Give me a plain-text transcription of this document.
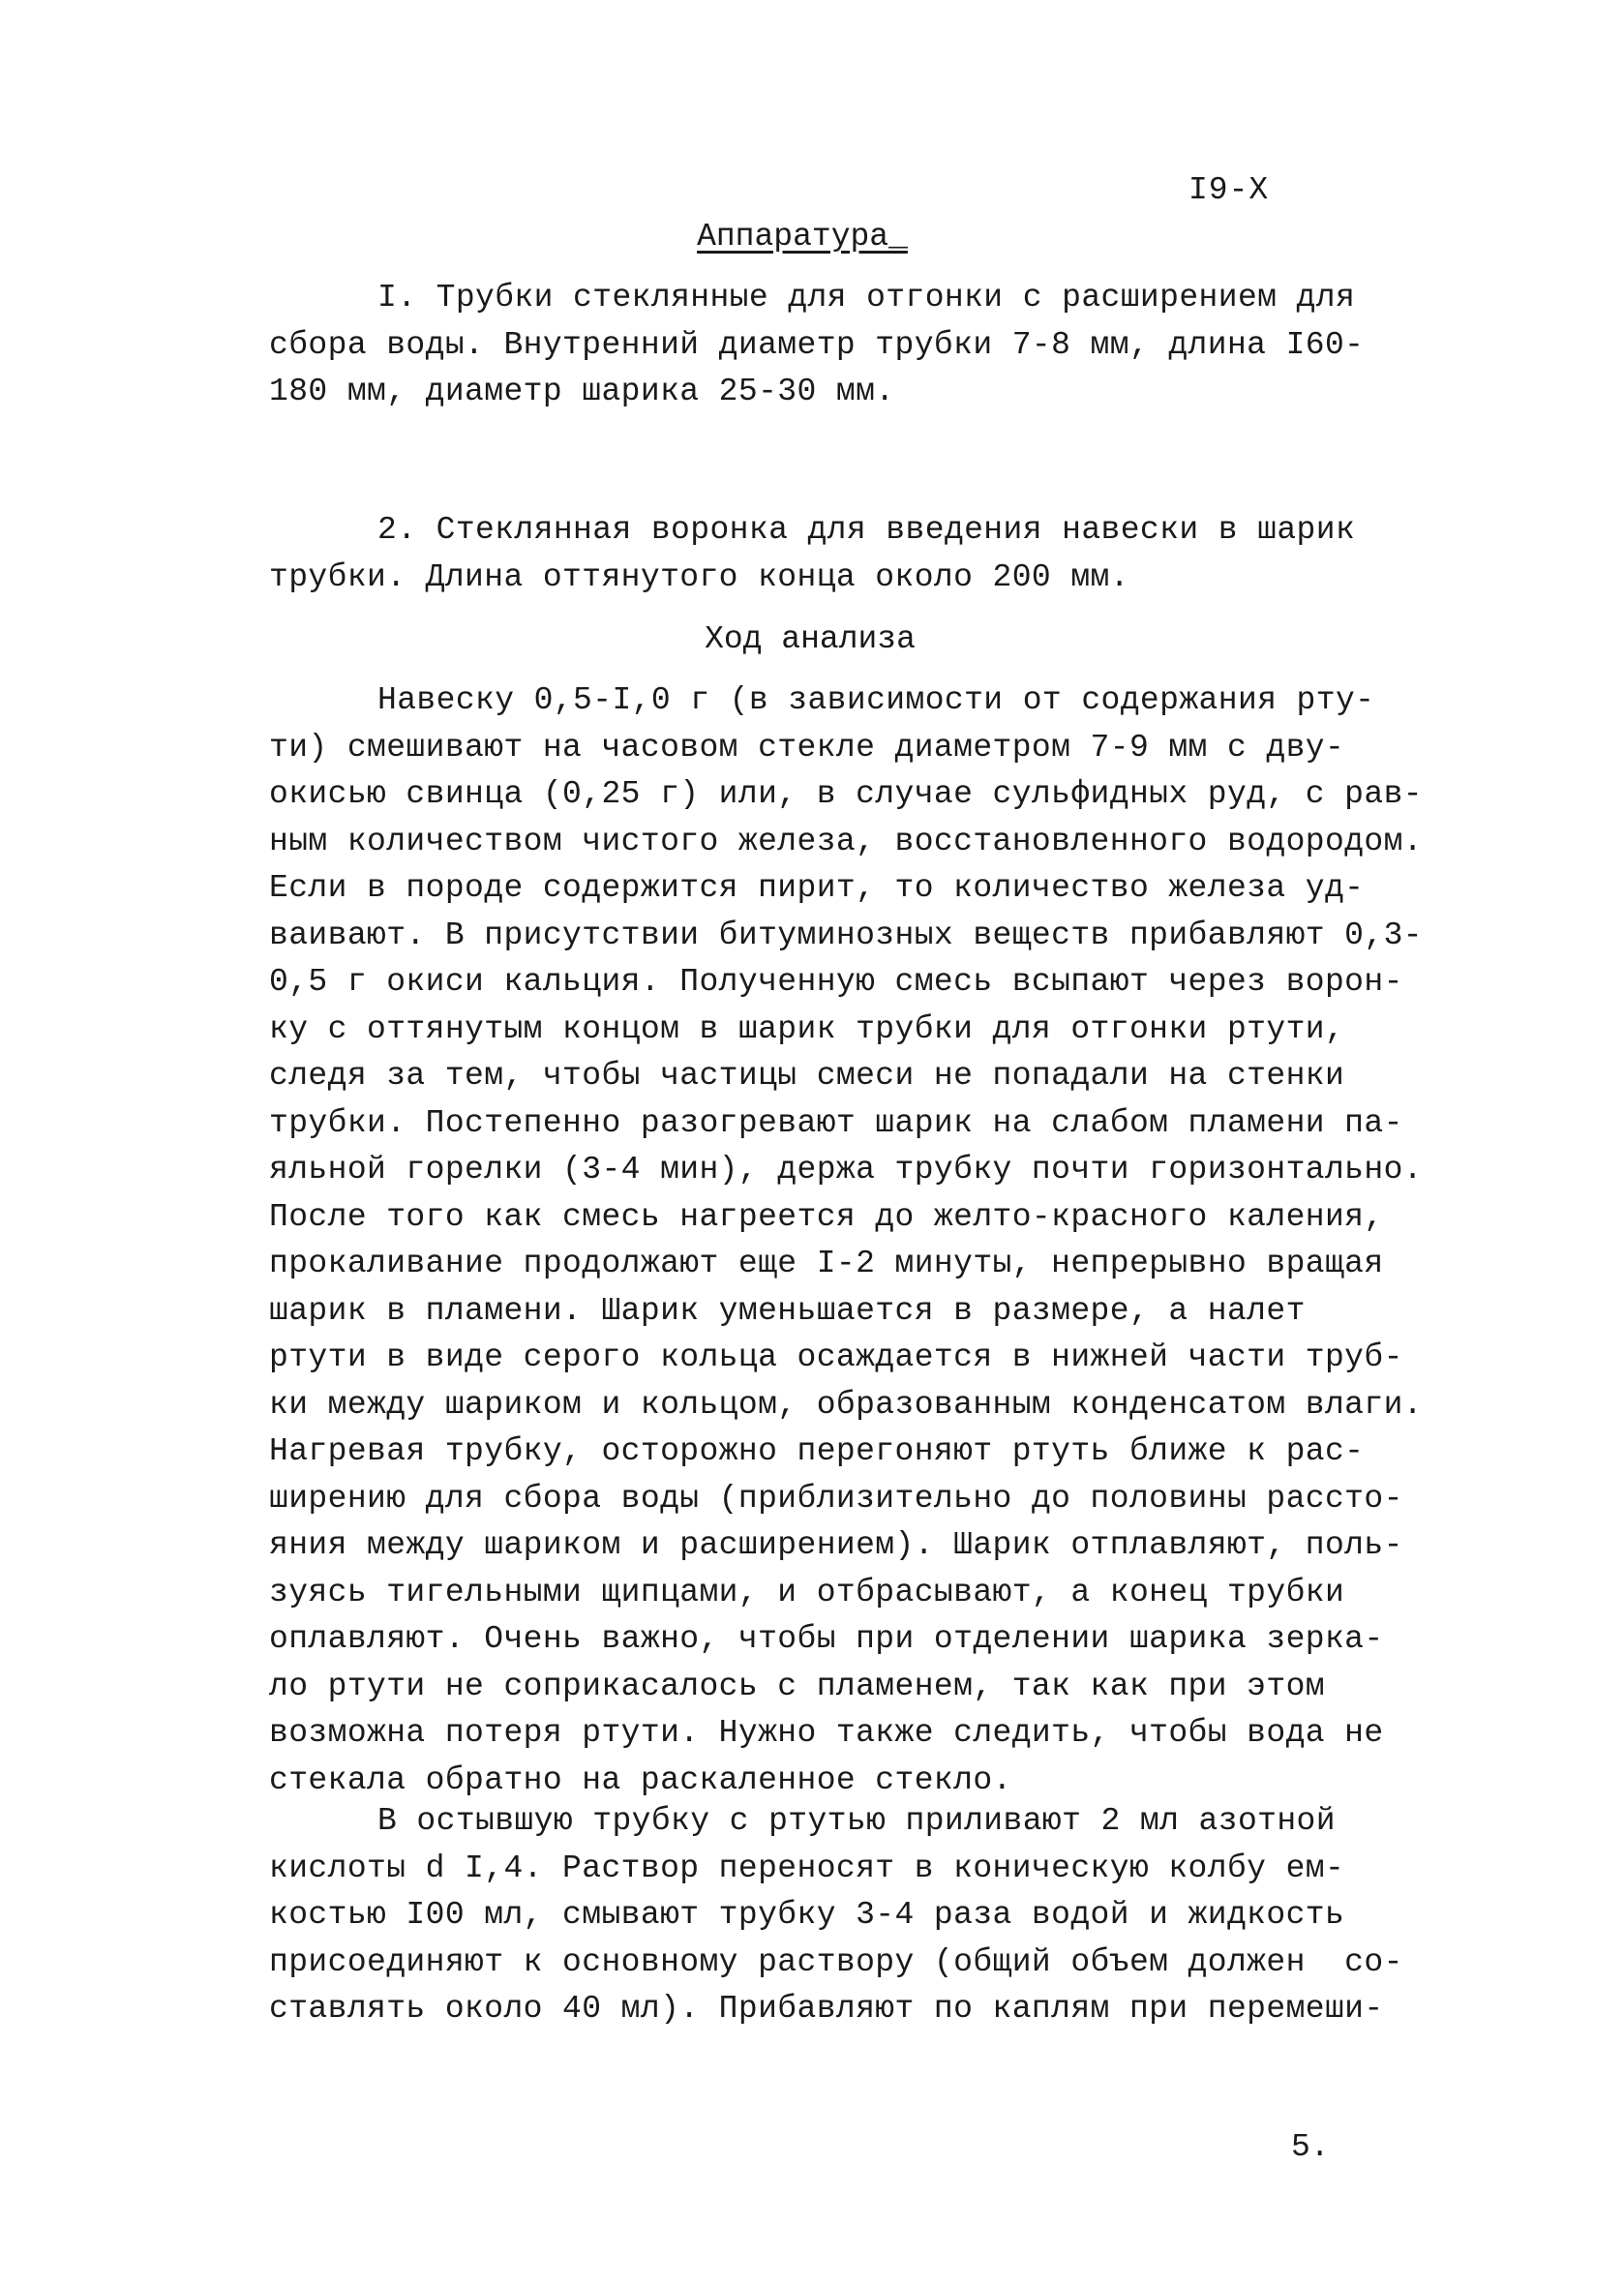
I9-X
Аппаратура_
I. Трубки стеклянные для отгонки с расширением для
сбора воды. Внутренний диаметр трубки 7-8 мм, длина I60-
180 мм, диаметр шарика 25-30 мм.
2. Стеклянная воронка для введения навески в шарик
трубки. Длина оттянутого конца около 200 мм.
Ход анализа
Навеску 0,5-I,0 г (в зависимости от содержания рту-
ти) смешивают на часовом стекле диаметром 7-9 мм с дву-
окисью свинца (0,25 г) или, в случае сульфидных руд, с рав-
ным количеством чистого железа, восстановленного водородом.
Если в породе содержится пирит, то количество железа уд-
ваивают. В присутствии битуминозных веществ прибавляют 0,3-
0,5 г окиси кальция. Полученную смесь всыпают через ворон-
ку с оттянутым концом в шарик трубки для отгонки ртути,
следя за тем, чтобы частицы смеси не попадали на стенки
трубки. Постепенно разогревают шарик на слабом пламени па-
яльной горелки (3-4 мин), держа трубку почти горизонтально.
После того как смесь нагреется до желто-красного каления,
прокаливание продолжают еще I-2 минуты, непрерывно вращая
шарик в пламени. Шарик уменьшается в размере, а налет
ртути в виде серого кольца осаждается в нижней части труб-
ки между шариком и кольцом, образованным конденсатом влаги.
Нагревая трубку, осторожно перегоняют ртуть ближе к рас-
ширению для сбора воды (приблизительно до половины рассто-
яния между шариком и расширением). Шарик отплавляют, поль-
зуясь тигельными щипцами, и отбрасывают, а конец трубки
оплавляют. Очень важно, чтобы при отделении шарика зерка-
ло ртути не соприкасалось с пламенем, так как при этом
возможна потеря ртути. Нужно также следить, чтобы вода не
стекала обратно на раскаленное стекло.
В остывшую трубку с ртутью приливают 2 мл азотной
кислоты d I,4. Раствор переносят в коническую колбу ем-
костью I00 мл, смывают трубку 3-4 раза водой и жидкость
присоединяют к основному раствору (общий объем должен  со-
ставлять около 40 мл). Прибавляют по каплям при перемеши-
5.
